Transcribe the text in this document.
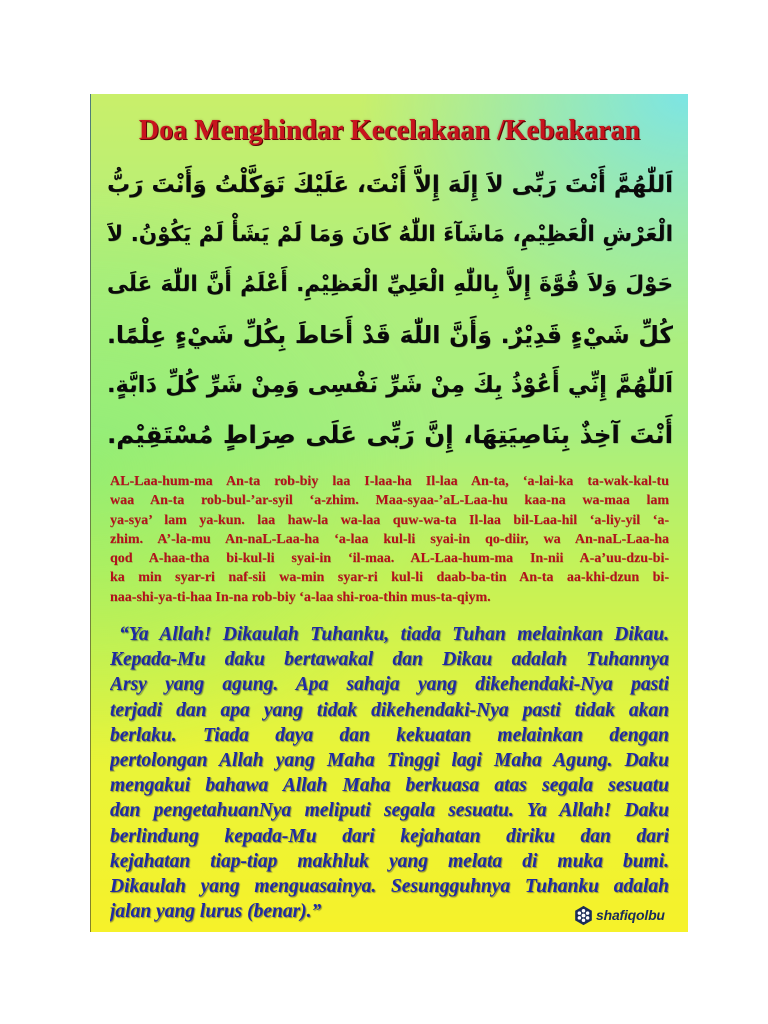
Doa Menghindar Kecelakaan /Kebakaran
اَللّٰهُمَّ أَنْتَ رَبِّى لاَ إِلَهَ إِلاَّ أَنْتَ، عَلَيْكَ تَوَكَّلْتُ وَأَنْتَ رَبُّ
الْعَرْشِ الْعَظِيْمِ، مَاشَآءَ اللّٰهُ كَانَ وَمَا لَمْ يَشَأْ لَمْ يَكُوْنُ. لاَ
حَوْلَ وَلاَ قُوَّةَ إِلاَّ بِاللّٰهِ الْعَلِيِّ الْعَظِيْمِ. أَعْلَمُ أَنَّ اللّٰهَ عَلَى
كُلِّ شَيْءٍ قَدِيْرٌ. وَأَنَّ اللّٰهَ قَدْ أَحَاطَ بِكُلِّ شَيْءٍ عِلْمًا.
اَللّٰهُمَّ إِنِّي أَعُوْذُ بِكَ مِنْ شَرِّ نَفْسِى وَمِنْ شَرِّ كُلِّ دَابَّةٍ.
أَنْتَ آخِذٌ بِنَاصِيَتِهَا، إِنَّ رَبِّى عَلَى صِرَاطٍ مُسْتَقِيْم.
AL-Laa-hum-ma An-ta rob-biy laa I-laa-ha Il-laa An-ta, ‘a-lai-ka ta-wak-kal-tu
waa An-ta rob-bul-’ar-syil ‘a-zhim. Maa-syaa-’aL-Laa-hu kaa-na wa-maa lam
ya-sya’ lam ya-kun. laa haw-la wa-laa quw-wa-ta Il-laa bil-Laa-hil ‘a-liy-yil ‘a-
zhim. A’-la-mu An-naL-Laa-ha ‘a-laa kul-li syai-in qo-diir, wa An-naL-Laa-ha
qod A-haa-tha bi-kul-li syai-in ‘il-maa. AL-Laa-hum-ma In-nii A-a’uu-dzu-bi-
ka min syar-ri naf-sii wa-min syar-ri kul-li daab-ba-tin An-ta aa-khi-dzun bi-
naa-shi-ya-ti-haa In-na rob-biy ‘a-laa shi-roa-thin mus-ta-qiym.
“Ya Allah! Dikaulah Tuhanku, tiada Tuhan melainkan Dikau.
Kepada-Mu daku bertawakal dan Dikau adalah Tuhannya
Arsy yang agung. Apa sahaja yang dikehendaki-Nya pasti
terjadi dan apa yang tidak dikehendaki-Nya pasti tidak akan
berlaku. Tiada daya dan kekuatan melainkan dengan
pertolongan Allah yang Maha Tinggi lagi Maha Agung. Daku
mengakui bahawa Allah Maha berkuasa atas segala sesuatu
dan pengetahuanNya meliputi segala sesuatu. Ya Allah! Daku
berlindung kepada-Mu dari kejahatan diriku dan dari
kejahatan tiap-tiap makhluk yang melata di muka bumi.
Dikaulah yang menguasainya. Sesungguhnya Tuhanku adalah
jalan yang lurus (benar).”	shafiqolbu
